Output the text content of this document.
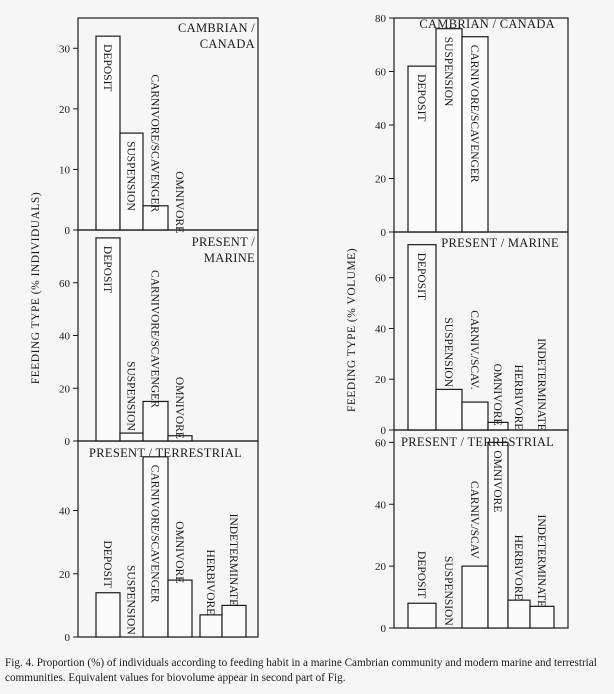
FEEDING TYPE (% INDIVIDUALS) 0
10
20
30	DEPOSIT
SUSPENSION CARNIVORE/SCAVENGER OMNIVORE
CAMBRIAN /
CANADA
0
20
40
60	DEPOSIT
SUSPENSION CARNIVORE/SCAVENGER
OMNIVORE
PRESENT /
MARINE
0
20
40
DEPOSIT
SUSPENSION CARNIVORE/SCAVENGER OMNIVORE HERBIVORE INDETERMINATE
PRESENT / TERRESTRIAL
FEEDING TYPE (% VOLUME)
0
20
40
60
80
DEPOSIT SUSPENSION CARNIVORE/SCAVENGER
CAMBRIAN / CANADA
0
20
40
60	DEPOSIT
SUSPENSION CARNIV./SCAV.
OMNIVORE HERBIVORE INDETERMINATE
PRESENT / MARINE
0
20
40
60
DEPOSIT SUSPENSION
CARNIV./SCAV OMNIVORE
HERBIVORE INDETERMINATE
PRESENT / TERRESTRIAL

Fig. 4. Proportion (%) of individuals according to feeding habit in a marine Cambrian community and modern marine and terrestrial communities. Equivalent values for biovolume appear in second part of Fig.
